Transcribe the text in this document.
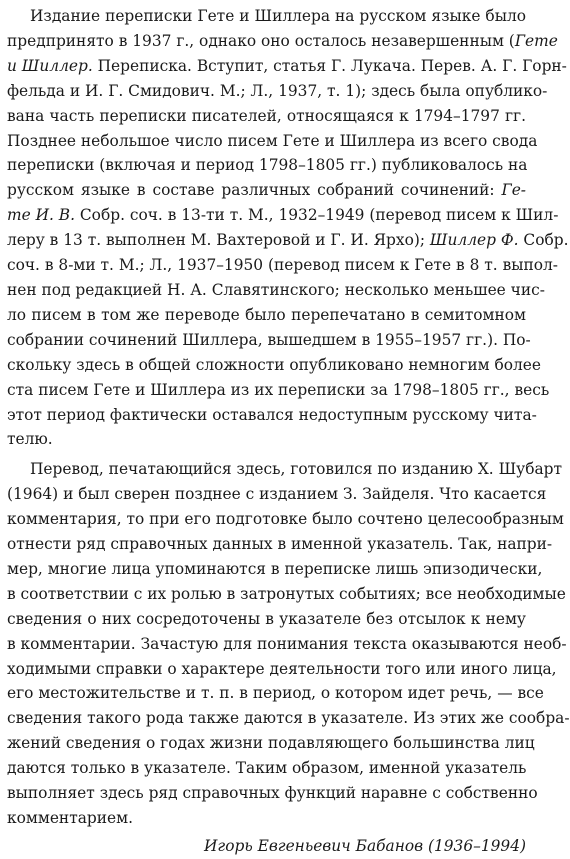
Издание переписки Гете и Шиллера на русском языке было
предпринято в 1937 г., однако оно осталось незавершенным (Гете
и Шиллер. Переписка. Вступит, статья Г. Лукача. Перев. А. Г. Горн-
фельда и И. Г. Смидович. М.; Л., 1937, т. 1); здесь была опублико-
вана часть переписки писателей, относящаяся к 1794–1797 гг.
Позднее небольшое число писем Гете и Шиллера из всего свода
переписки (включая и период 1798–1805 гг.) публиковалось на
русском языке в составе различных собраний сочинений: Ге-
те И. В. Собр. соч. в 13-ти т. М., 1932–1949 (перевод писем к Шил-
леру в 13 т. выполнен М. Вахтеровой и Г. И. Ярхо); Шиллер Ф. Собр.
соч. в 8-ми т. М.; Л., 1937–1950 (перевод писем к Гете в 8 т. выпол-
нен под редакцией Н. А. Славятинского; несколько меньшее чис-
ло писем в том же переводе было перепечатано в семитомном
собрании сочинений Шиллера, вышедшем в 1955–1957 гг.). По-
скольку здесь в общей сложности опубликовано немногим более
ста писем Гете и Шиллера из их переписки за 1798–1805 гг., весь
этот период фактически оставался недоступным русскому чита-
телю.
Перевод, печатающийся здесь, готовился по изданию Х. Шубарт
(1964) и был сверен позднее с изданием З. Зайделя. Что касается
комментария, то при его подготовке было сочтено целесообразным
отнести ряд справочных данных в именной указатель. Так, напри-
мер, многие лица упоминаются в переписке лишь эпизодически,
в соответствии с их ролью в затронутых событиях; все необходимые
сведения о них сосредоточены в указателе без отсылок к нему
в комментарии. Зачастую для понимания текста оказываются необ-
ходимыми справки о характере деятельности того или иного лица,
его местожительстве и т. п. в период, о котором идет речь, — все
сведения такого рода также даются в указателе. Из этих же сообра-
жений сведения о годах жизни подавляющего большинства лиц
даются только в указателе. Таким образом, именной указатель
выполняет здесь ряд справочных функций наравне с собственно
комментарием.
Игорь Евгеньевич Бабанов (1936–1994)
